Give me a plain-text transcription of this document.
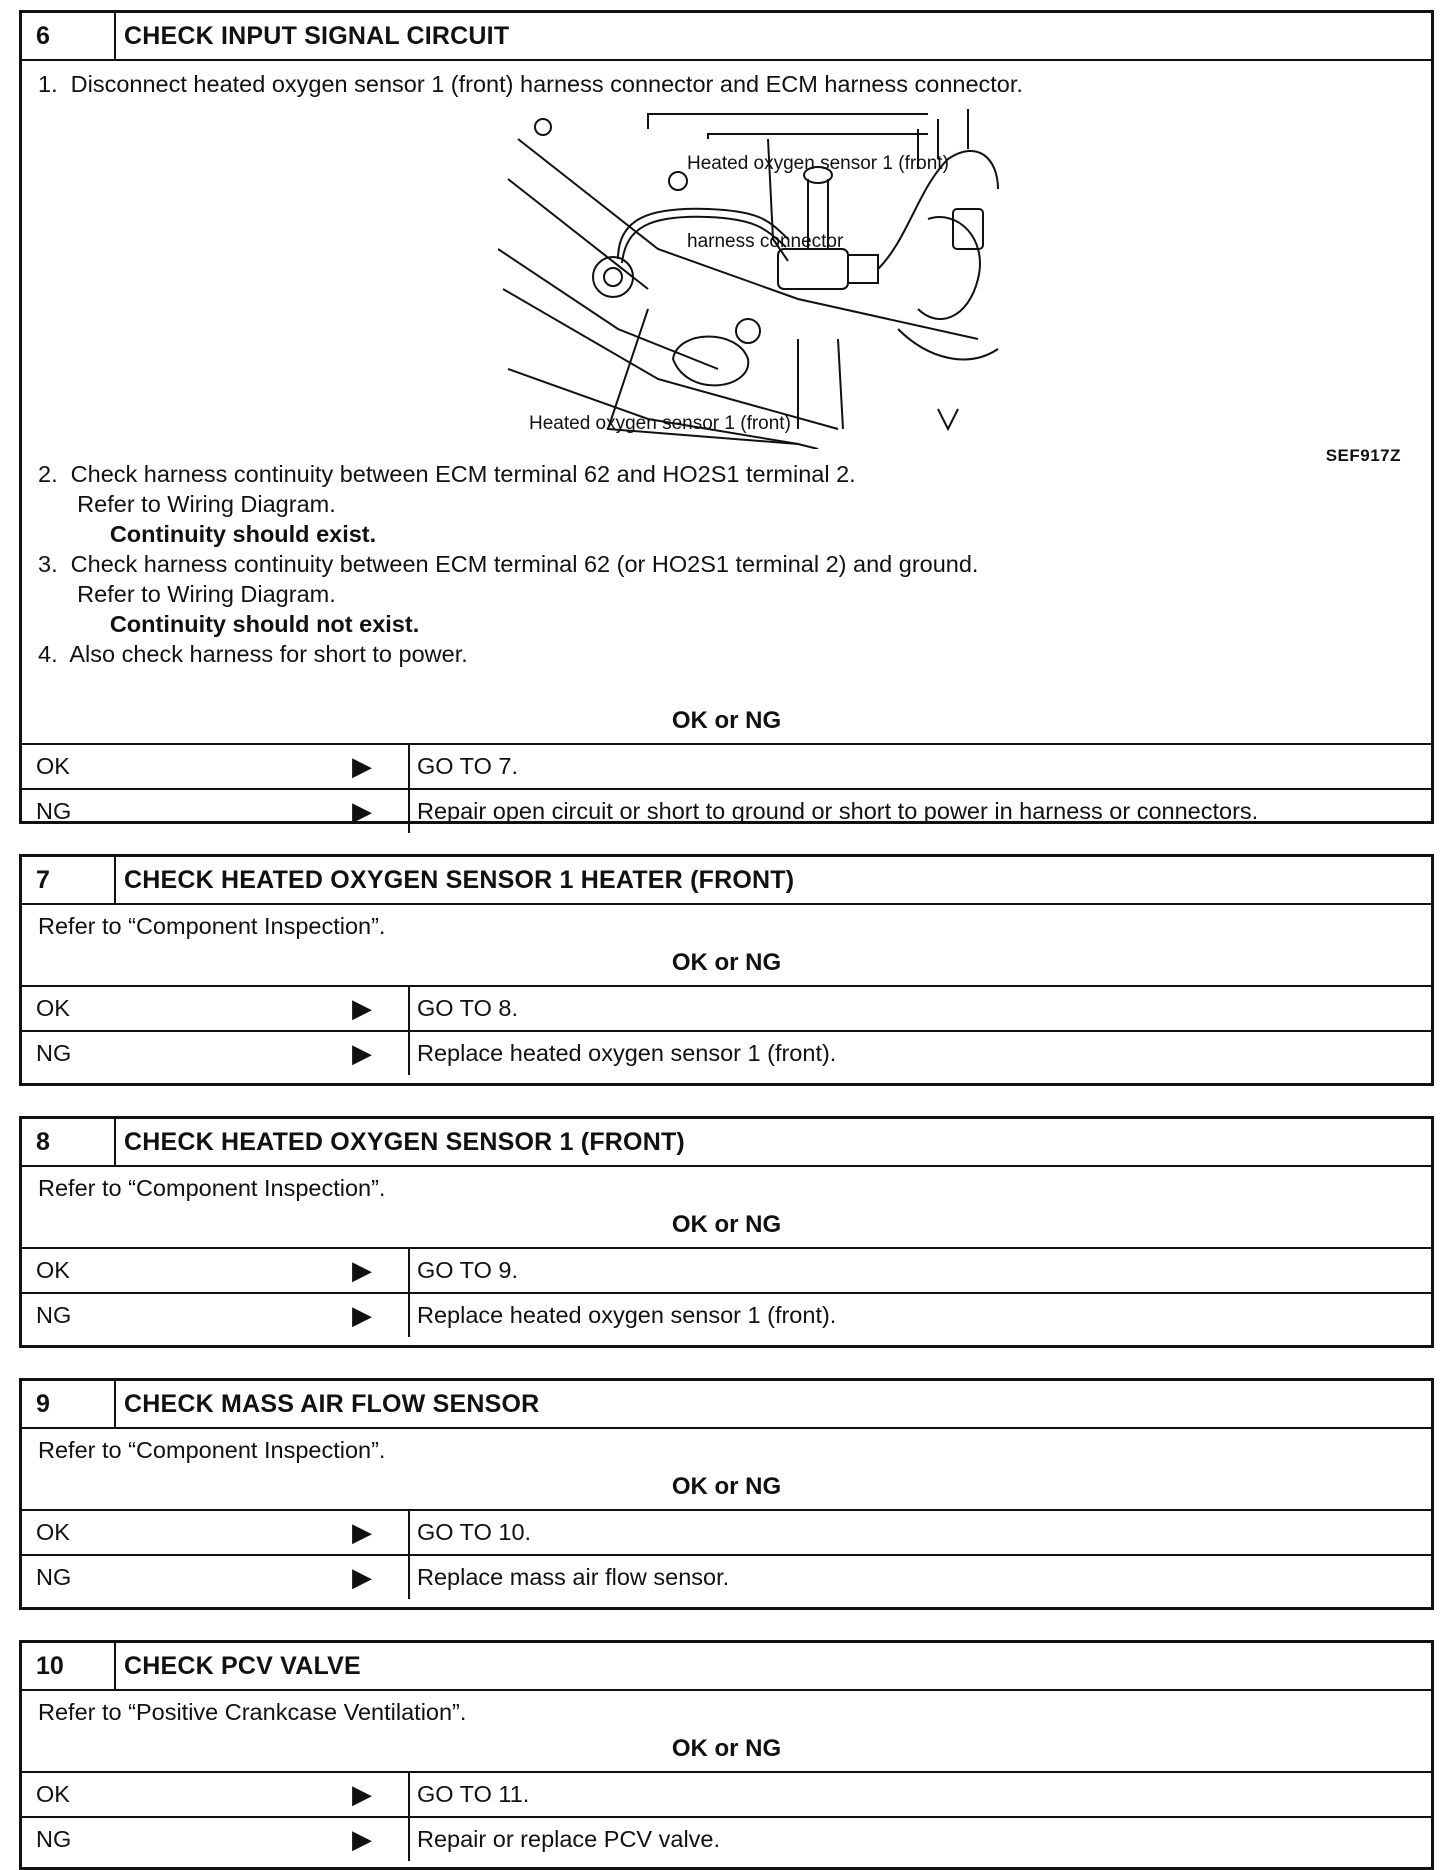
6	CHECK INPUT SIGNAL CIRCUIT
1.  Disconnect heated oxygen sensor 1 (front) harness connector and ECM harness connector.

Heated oxygen sensor 1 (front)

harness connector

Heated oxygen sensor 1 (front)
SEF917Z
2.  Check harness continuity between ECM terminal 62 and HO2S1 terminal 2.
Refer to Wiring Diagram.
Continuity should exist.
3.  Check harness continuity between ECM terminal 62 (or HO2S1 terminal 2) and ground.
Refer to Wiring Diagram.
Continuity should not exist.
4.  Also check harness for short to power.
OK or NG
OK	▶ GO TO 7.
NG	▶ Repair open circuit or short to ground or short to power in harness or connectors.
7	CHECK HEATED OXYGEN SENSOR 1 HEATER (FRONT)
Refer to “Component Inspection”.
OK or NG
OK	▶ GO TO 8.
NG	▶ Replace heated oxygen sensor 1 (front).
8	CHECK HEATED OXYGEN SENSOR 1 (FRONT)
Refer to “Component Inspection”.
OK or NG
OK	▶ GO TO 9.
NG	▶ Replace heated oxygen sensor 1 (front).
9	CHECK MASS AIR FLOW SENSOR
Refer to “Component Inspection”.
OK or NG
OK	▶ GO TO 10.
NG	▶ Replace mass air flow sensor.
10	CHECK PCV VALVE
Refer to “Positive Crankcase Ventilation”.
OK or NG
OK	▶ GO TO 11.
NG	▶ Repair or replace PCV valve.
